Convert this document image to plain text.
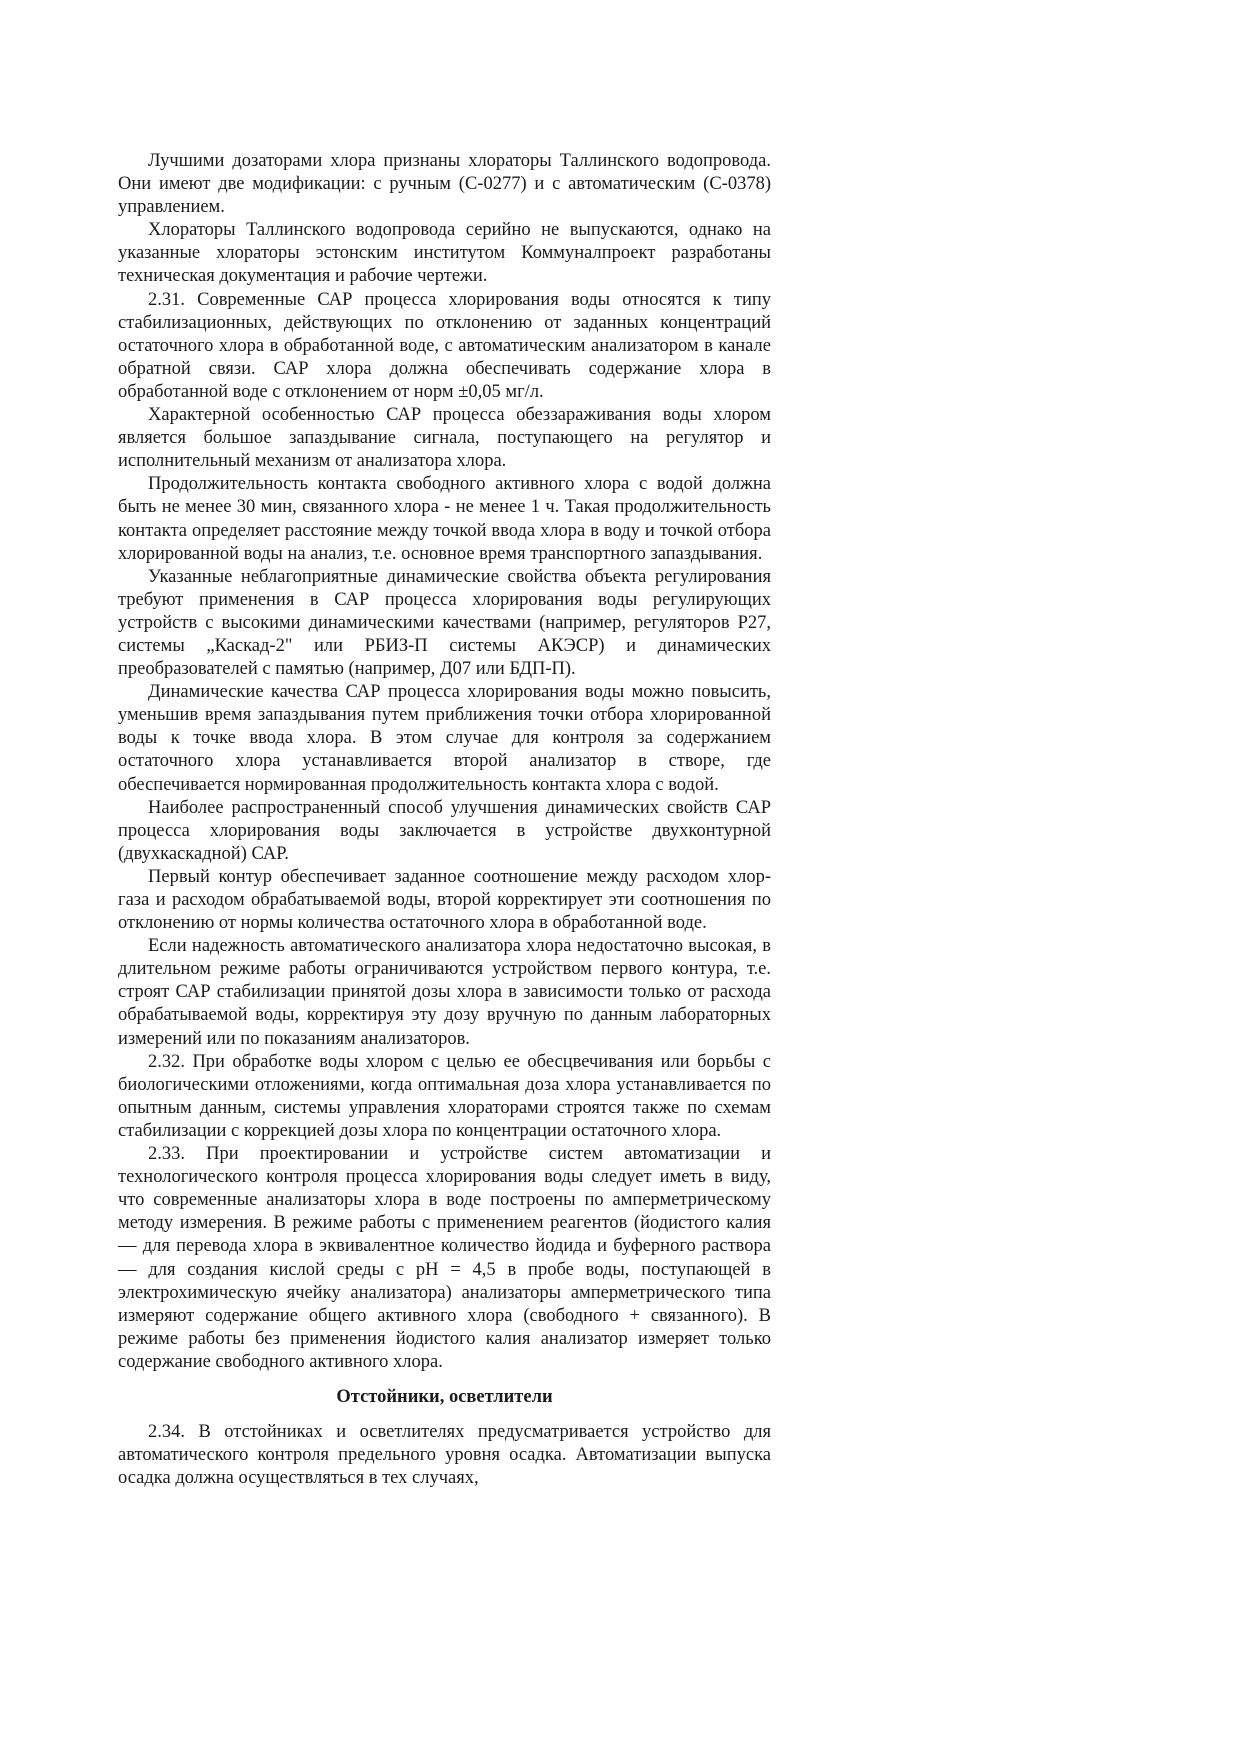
Лучшими дозаторами хлора признаны хлораторы Таллинского водопровода. Они имеют две модификации: с ручным (С-0277) и с автоматическим (С-0378) управлением.

Хлораторы Таллинского водопровода серийно не выпускаются, однако на указанные хлораторы эстонским институтом Коммуналпроект разработаны техническая документация и рабочие чертежи.

2.31. Современные САР процесса хлорирования воды относятся к типу стабилизационных, действующих по отклонению от заданных концентраций остаточного хлора в обработанной воде, с автоматическим анализатором в канале обратной связи. САР хлора должна обеспечивать содержание хлора в обработанной воде с отклонением от норм ±0,05 мг/л.

Характерной особенностью САР процесса обеззараживания воды хлором является большое запаздывание сигнала, поступающего на регулятор и исполнительный механизм от анализатора хлора.

Продолжительность контакта свободного активного хлора с водой должна быть не менее 30 мин, связанного хлора - не менее 1 ч. Такая продолжительность контакта определяет расстояние между точкой ввода хлора в воду и точкой отбора хлорированной воды на анализ, т.е. основное время транспортного запаздывания.

Указанные неблагоприятные динамические свойства объекта регулирования требуют применения в САР процесса хлорирования воды регулирующих устройств с высокими динамическими качествами (например, регуляторов Р27, системы „Каскад-2" или РБИЗ-П системы АКЭСР) и динамических преобразователей с памятью (например, Д07 или БДП-П).

Динамические качества САР процесса хлорирования воды можно повысить, уменьшив время запаздывания путем приближения точки отбора хлорированной воды к точке ввода хлора. В этом случае для контроля за содержанием остаточного хлора устанавливается второй анализатор в створе, где обеспечивается нормированная продолжительность контакта хлора с водой.

Наиболее распространенный способ улучшения динамических свойств САР процесса хлорирования воды заключается в устройстве двухконтурной (двухкаскадной) САР.

Первый контур обеспечивает заданное соотношение между расходом хлор-газа и расходом обрабатываемой воды, второй корректирует эти соотношения по отклонению от нормы количества остаточного хлора в обработанной воде.

Если надежность автоматического анализатора хлора недостаточно высокая, в длительном режиме работы ограничиваются устройством первого контура, т.е. строят САР стабилизации принятой дозы хлора в зависимости только от расхода обрабатываемой воды, корректируя эту дозу вручную по данным лабораторных измерений или по показаниям анализаторов.

2.32. При обработке воды хлором с целью ее обесцвечивания или борьбы с биологическими отложениями, когда оптимальная доза хлора устанавливается по опытным данным, системы управления хлораторами строятся также по схемам стабилизации с коррекцией дозы хлора по концентрации остаточного хлора.

2.33. При проектировании и устройстве систем автоматизации и технологического контроля процесса хлорирования воды следует иметь в виду, что современные анализаторы хлора в воде построены по амперметрическому методу измерения. В режиме работы с применением реагентов (йодистого калия — для перевода хлора в эквивалентное количество йодида и буферного раствора — для создания кислой среды с pH = 4,5 в пробе воды, поступающей в электрохимическую ячейку анализатора) анализаторы амперметрического типа измеряют содержание общего активного хлора (свободного + связанного). В режиме работы без применения йодистого калия анализатор измеряет только содержание свободного активного хлора.

Отстойники, осветлители

2.34. В отстойниках и осветлителях предусматривается устройство для автоматического контроля предельного уровня осадка. Автоматизации выпуска осадка должна осуществляться в тех случаях,
